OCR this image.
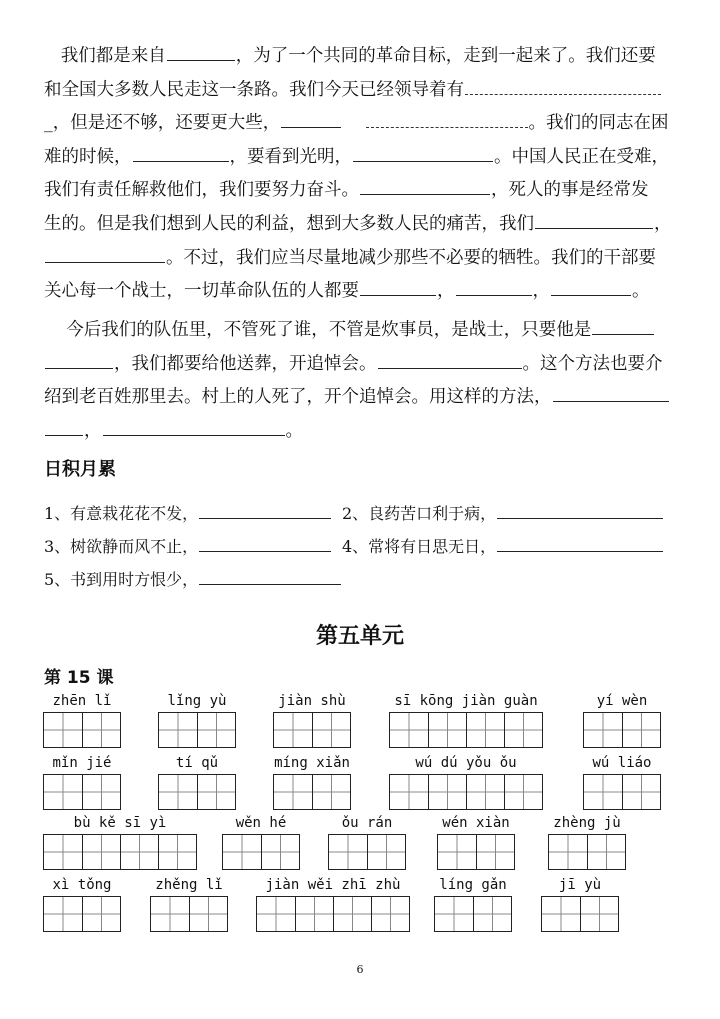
我们都是来自	，为了一个共同的革命目标，走到一起来了。我们还要
和全国大多数人民走这一条路。我们今天已经领导着有
_，但是还不够，还要更大些，	。我们的同志在困
难的时候，	，要看到光明，	。中国人民正在受难，
我们有责任解救他们，我们要努力奋斗。	，死人的事是经常发
生的。但是我们想到人民的利益，想到大多数人民的痛苦，我们	，
。不过，我们应当尽量地减少那些不必要的牺牲。我们的干部要
关心每一个战士，一切革命队伍的人都要	，	，	。
今后我们的队伍里，不管死了谁，不管是炊事员，是战士，只要他是
，我们都要给他送葬，开追悼会。	。这个方法也要介
绍到老百姓那里去。村上的人死了，开个追悼会。用这样的方法，
，	。
日积月累
1、有意栽花花不发，	2、良药苦口利于病，
3、树欲静而风不止，	4、常将有日思无日，
5、书到用时方恨少，
第五单元
第 15 课
zhēn lǐ	lǐng yù	jiàn shù	sī kōng jiàn guàn	yí wèn
mǐn jié	tí qǔ	míng xiǎn	wú dú yǒu ǒu	wú liáo
bù kě sī yì	wěn hé	ǒu rán	wén xiàn	zhèng jù
xì tǒng	zhěng lǐ	jiàn wěi zhī zhù	líng gǎn	jī yù
6
